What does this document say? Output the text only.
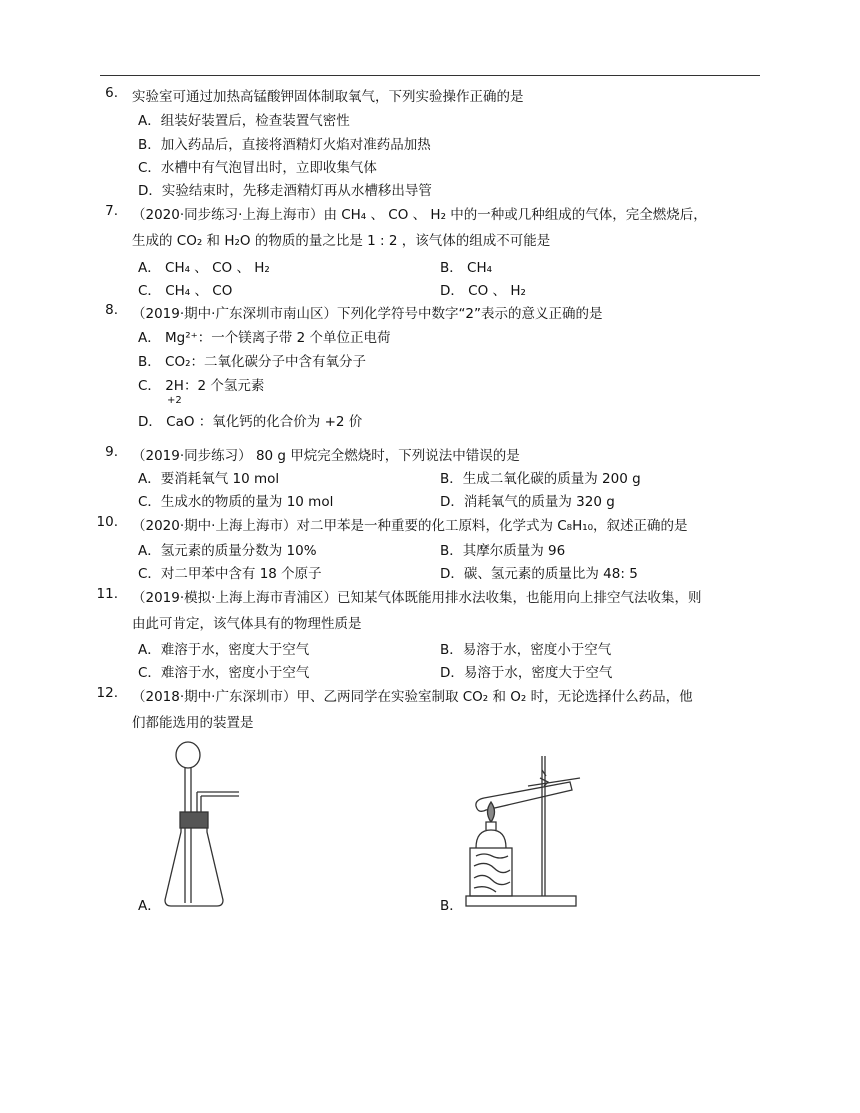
6. 实验室可通过加热高锰酸钾固体制取氧气，下列实验操作正确的是
A．组装好装置后，检查装置气密性
B．加入药品后，直接将酒精灯火焰对准药品加热
C．水槽中有气泡冒出时，立即收集气体
D．实验结束时，先移走酒精灯再从水槽移出导管
7. （2020·同步练习·上海上海市）由 CH₄ 、 CO 、 H₂ 中的一种或几种组成的气体，完全燃烧后，
生成的 CO₂ 和 H₂O 的物质的量之比是 1 : 2 ，该气体的组成不可能是
A． CH₄ 、 CO 、 H₂	B． CH₄
C． CH₄ 、 CO	D． CO 、 H₂
8. （2019·期中·广东深圳市南山区）下列化学符号中数字“2”表示的意义正确的是
A． Mg²⁺：一个镁离子带 2 个单位正电荷
B． CO₂：二氧化碳分子中含有氧分子
C． 2H：2 个氢元素
+2
D． CaO ：氧化钙的化合价为 +2 价
9. （2019·同步练习） 80 g 甲烷完全燃烧时，下列说法中错误的是
A．要消耗氧气 10 mol	B．生成二氧化碳的质量为 200 g
C．生成水的物质的量为 10 mol	D．消耗氧气的质量为 320 g
10. （2020·期中·上海上海市）对二甲苯是一种重要的化工原料，化学式为 C₈H₁₀，叙述正确的是
A．氢元素的质量分数为 10%	B．其摩尔质量为 96
C．对二甲苯中含有 18 个原子	D．碳、氢元素的质量比为 48: 5
11. （2019·模拟·上海上海市青浦区）已知某气体既能用排水法收集，也能用向上排空气法收集，则
由此可肯定，该气体具有的物理性质是
A．难溶于水，密度大于空气	B．易溶于水，密度小于空气
C．难溶于水，密度小于空气	D．易溶于水，密度大于空气
12. （2018·期中·广东深圳市）甲、乙两同学在实验室制取 CO₂ 和 O₂ 时，无论选择什么药品，他
们都能选用的装置是
A．	B．
